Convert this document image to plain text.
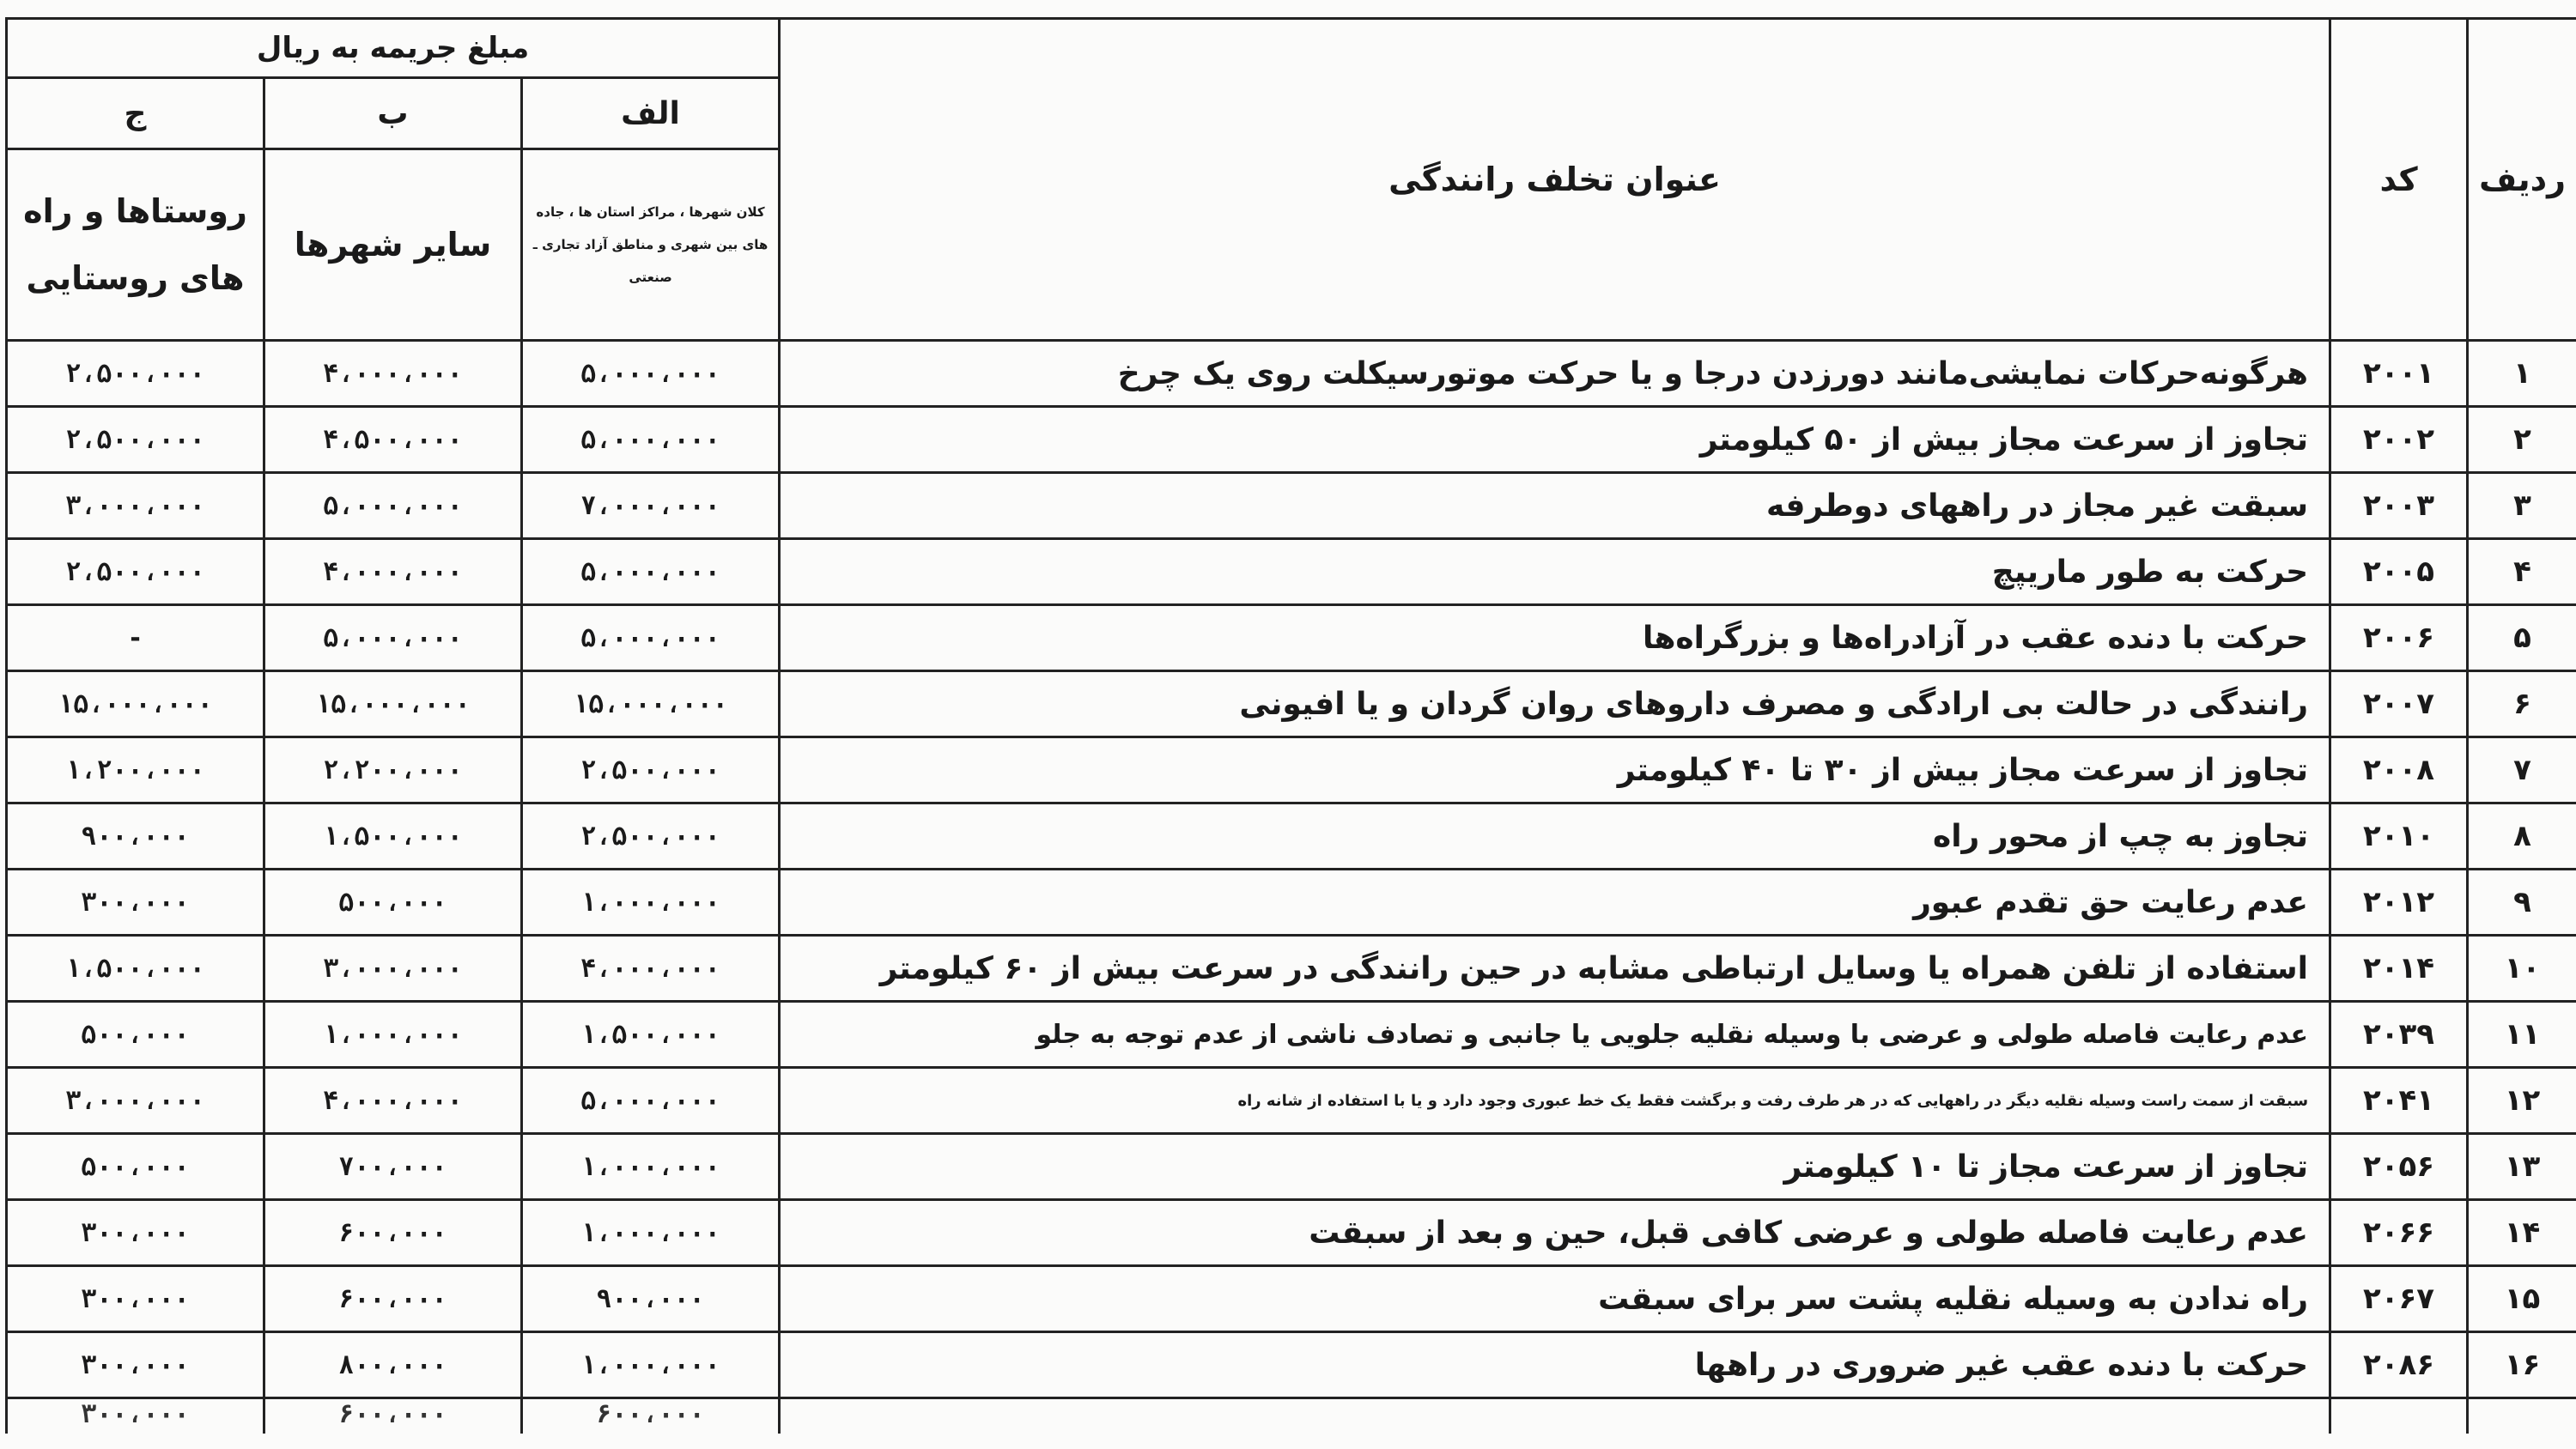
مبلغ جریمه به ریال			عنوان تخلف رانندگی	کد	ردیف
ج	ب	الف			
روستاها و راه های روستایی	سایر شهرها	کلان شهرها ، مراکز استان ها ، جاده های بین شهری و مناطق آزاد تجاری ـ صنعتی			
۲،۵۰۰،۰۰۰	۴،۰۰۰،۰۰۰	۵،۰۰۰،۰۰۰	هرگونه‌حرکات نمایشی‌مانند دورزدن درجا و یا حرکت موتورسیکلت روی یک چرخ	۲۰۰۱	۱
۲،۵۰۰،۰۰۰	۴،۵۰۰،۰۰۰	۵،۰۰۰،۰۰۰	تجاوز از سرعت مجاز بیش از ۵۰ کیلومتر	۲۰۰۲	۲
۳،۰۰۰،۰۰۰	۵،۰۰۰،۰۰۰	۷،۰۰۰،۰۰۰	سبقت غیر مجاز در راههای دوطرفه	۲۰۰۳	۳
۲،۵۰۰،۰۰۰	۴،۰۰۰،۰۰۰	۵،۰۰۰،۰۰۰	حرکت به طور ماریپچ	۲۰۰۵	۴
-	۵،۰۰۰،۰۰۰	۵،۰۰۰،۰۰۰	حرکت با دنده عقب در آزادراه‌ها و بزرگراه‌ها	۲۰۰۶	۵
۱۵،۰۰۰،۰۰۰	۱۵،۰۰۰،۰۰۰	۱۵،۰۰۰،۰۰۰	رانندگی در حالت بی ارادگی و مصرف داروهای روان گردان و یا افیونی	۲۰۰۷	۶
۱،۲۰۰،۰۰۰	۲،۲۰۰،۰۰۰	۲،۵۰۰،۰۰۰	تجاوز از سرعت مجاز بیش از ۳۰ تا ۴۰ کیلومتر	۲۰۰۸	۷
۹۰۰،۰۰۰	۱،۵۰۰،۰۰۰	۲،۵۰۰،۰۰۰	تجاوز به چپ از محور راه	۲۰۱۰	۸
۳۰۰،۰۰۰	۵۰۰،۰۰۰	۱،۰۰۰،۰۰۰	عدم رعایت حق تقدم عبور	۲۰۱۲	۹
۱،۵۰۰،۰۰۰	۳،۰۰۰،۰۰۰	۴،۰۰۰،۰۰۰	استفاده از تلفن همراه یا وسایل ارتباطی مشابه در حین رانندگی در سرعت بیش از ۶۰ کیلومتر	۲۰۱۴	۱۰
۵۰۰،۰۰۰	۱،۰۰۰،۰۰۰	۱،۵۰۰،۰۰۰	عدم رعایت فاصله طولی و عرضی با وسیله نقلیه جلویی یا جانبی و تصادف ناشی از عدم توجه به جلو	۲۰۳۹	۱۱
۳،۰۰۰،۰۰۰	۴،۰۰۰،۰۰۰	۵،۰۰۰،۰۰۰	سبقت از سمت راست وسیله نقلیه دیگر در راههایی که در هر طرف رفت و برگشت فقط یک خط عبوری وجود دارد و یا با استفاده از شانه راه	۲۰۴۱	۱۲
۵۰۰،۰۰۰	۷۰۰،۰۰۰	۱،۰۰۰،۰۰۰	تجاوز از سرعت مجاز تا ۱۰ کیلومتر	۲۰۵۶	۱۳
۳۰۰،۰۰۰	۶۰۰،۰۰۰	۱،۰۰۰،۰۰۰	عدم رعایت فاصله طولی و عرضی کافی قبل، حین و بعد از سبقت	۲۰۶۶	۱۴
۳۰۰،۰۰۰	۶۰۰،۰۰۰	۹۰۰،۰۰۰	راه ندادن به وسیله نقلیه پشت سر برای سبقت	۲۰۶۷	۱۵
۳۰۰،۰۰۰	۸۰۰،۰۰۰	۱،۰۰۰،۰۰۰	حرکت با دنده عقب غیر ضروری در راهها	۲۰۸۶	۱۶
۳۰۰،۰۰۰	۶۰۰،۰۰۰	۶۰۰،۰۰۰			
